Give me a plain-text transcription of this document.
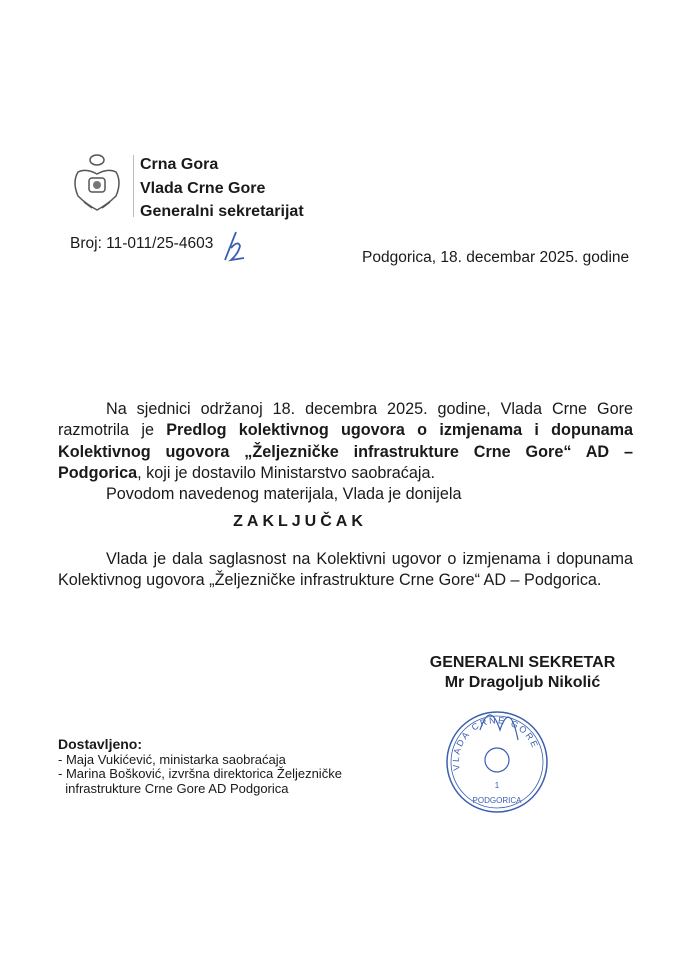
Crna Gora
Vlada Crne Gore
Generalni sekretarijat
Broj: 11-011/25-4603
Podgorica, 18. decembar 2025. godine
Na sjednici održanoj 18. decembra 2025. godine, Vlada Crne Gore razmotrila je Predlog kolektivnog ugovora o izmjenama i dopunama Kolektivnog ugovora „Željezničke infrastrukture Crne Gore“ AD – Podgorica, koji je dostavilo Ministarstvo saobraćaja.
Povodom navedenog materijala, Vlada je donijela
ZAKLJUČAK
Vlada je dala saglasnost na Kolektivni ugovor o izmjenama i dopunama Kolektivnog ugovora „Željezničke infrastrukture Crne Gore“ AD – Podgorica.
GENERALNI SEKRETAR
Mr Dragoljub Nikolić
VLADA CRNE GORE
1
PODGORICA
Dostavljeno:
- Maja Vukićević, ministarka saobraćaja
- Marina Bošković, izvršna direktorica Željezničke
infrastrukture Crne Gore AD Podgorica
